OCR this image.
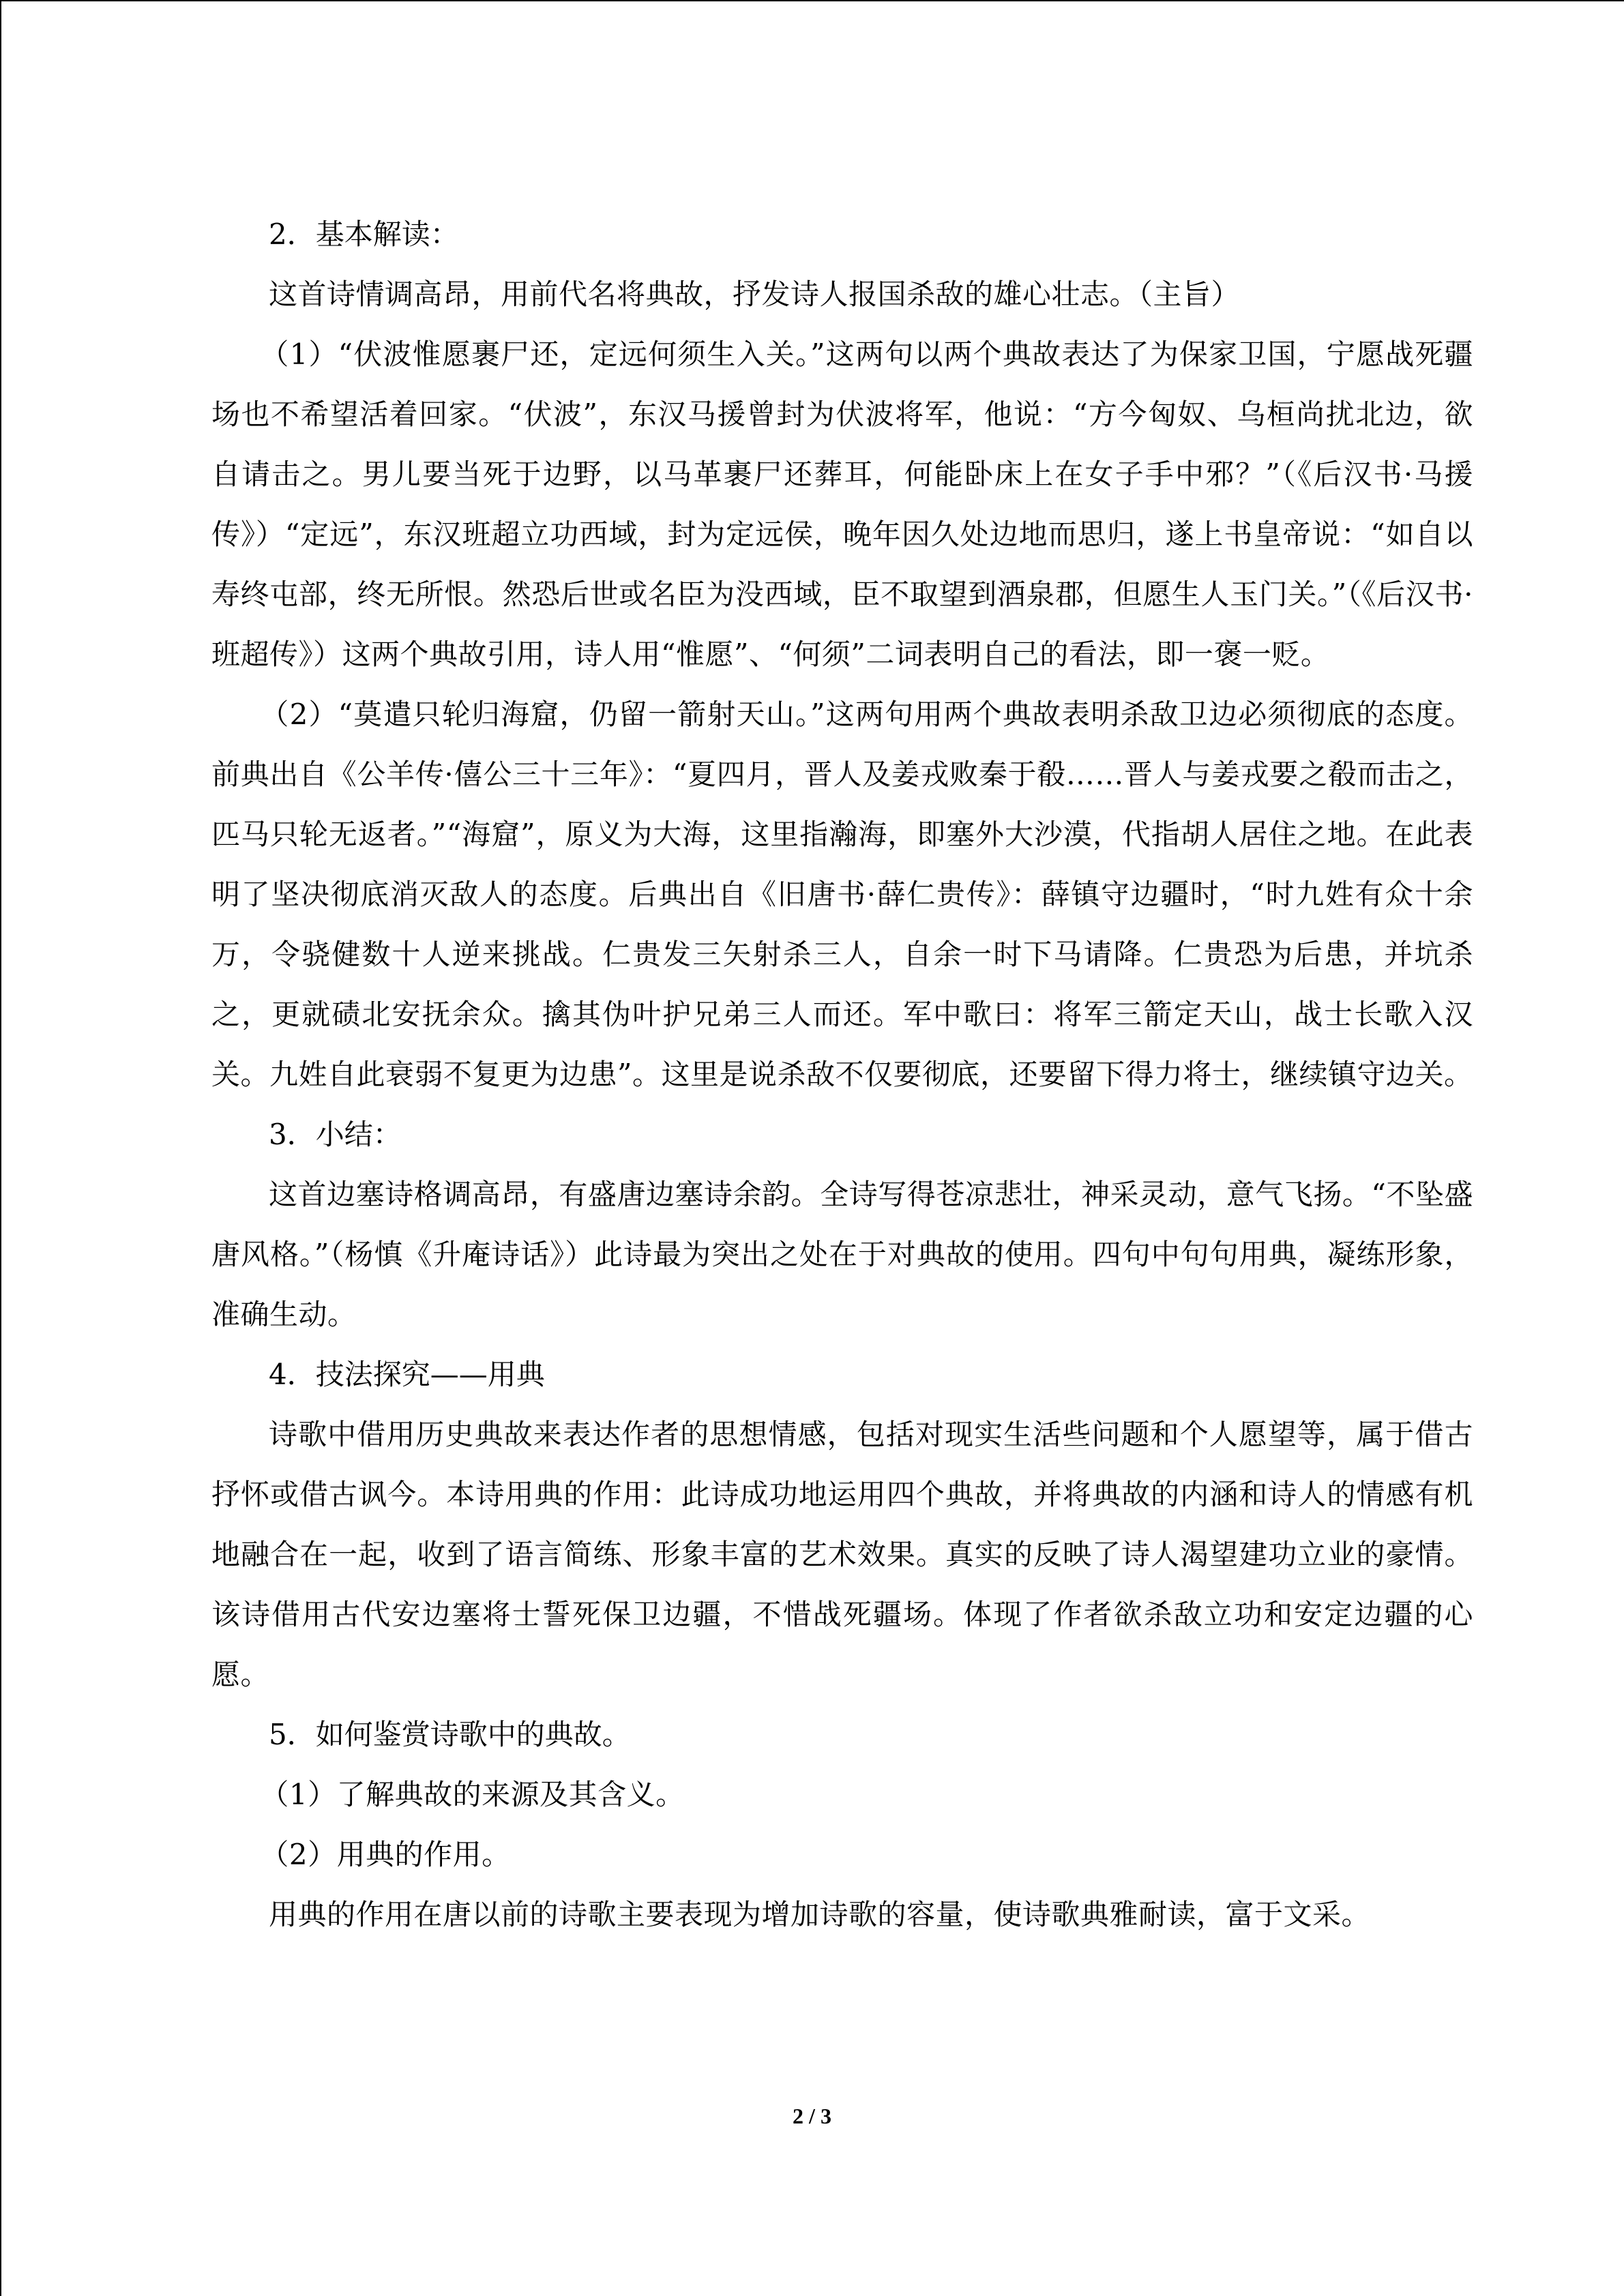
2．基本解读：

这首诗情调高昂，用前代名将典故，抒发诗人报国杀敌的雄心壮志。（主旨）

（1）“伏波惟愿裹尸还，定远何须生入关。”这两句以两个典故表达了为保家卫国，宁愿战死疆场也不希望活着回家。“伏波”，东汉马援曾封为伏波将军，他说：“方今匈奴、乌桓尚扰北边，欲自请击之。男儿要当死于边野，以马革裹尸还葬耳，何能卧床上在女子手中邪？”（《后汉书·马援传》）“定远”，东汉班超立功西域，封为定远侯，晚年因久处边地而思归，遂上书皇帝说：“如自以寿终屯部，终无所恨。然恐后世或名臣为没西域，臣不取望到酒泉郡，但愿生人玉门关。”（《后汉书·班超传》）这两个典故引用，诗人用“惟愿”、“何须”二词表明自己的看法，即一褒一贬。

（2）“莫遣只轮归海窟，仍留一箭射天山。”这两句用两个典故表明杀敌卫边必须彻底的态度。前典出自《公羊传·僖公三十三年》：“夏四月，晋人及姜戎败秦于殽……晋人与姜戎要之殽而击之，匹马只轮无返者。”“海窟”，原义为大海，这里指瀚海，即塞外大沙漠，代指胡人居住之地。在此表明了坚决彻底消灭敌人的态度。后典出自《旧唐书·薛仁贵传》：薛镇守边疆时，“时九姓有众十余万，令骁健数十人逆来挑战。仁贵发三矢射杀三人，自余一时下马请降。仁贵恐为后患，并坑杀之，更就碛北安抚余众。擒其伪叶护兄弟三人而还。军中歌曰：将军三箭定天山，战士长歌入汉关。九姓自此衰弱不复更为边患”。这里是说杀敌不仅要彻底，还要留下得力将士，继续镇守边关。

3．小结：

这首边塞诗格调高昂，有盛唐边塞诗余韵。全诗写得苍凉悲壮，神采灵动，意气飞扬。“不坠盛唐风格。”（杨慎《升庵诗话》）此诗最为突出之处在于对典故的使用。四句中句句用典，凝练形象，准确生动。

4．技法探究——用典

诗歌中借用历史典故来表达作者的思想情感，包括对现实生活些问题和个人愿望等，属于借古抒怀或借古讽今。本诗用典的作用：此诗成功地运用四个典故，并将典故的内涵和诗人的情感有机地融合在一起，收到了语言简练、形象丰富的艺术效果。真实的反映了诗人渴望建功立业的豪情。该诗借用古代安边塞将士誓死保卫边疆，不惜战死疆场。体现了作者欲杀敌立功和安定边疆的心愿。

5．如何鉴赏诗歌中的典故。

（1）了解典故的来源及其含义。

（2）用典的作用。

用典的作用在唐以前的诗歌主要表现为增加诗歌的容量，使诗歌典雅耐读，富于文采。

2 / 3
